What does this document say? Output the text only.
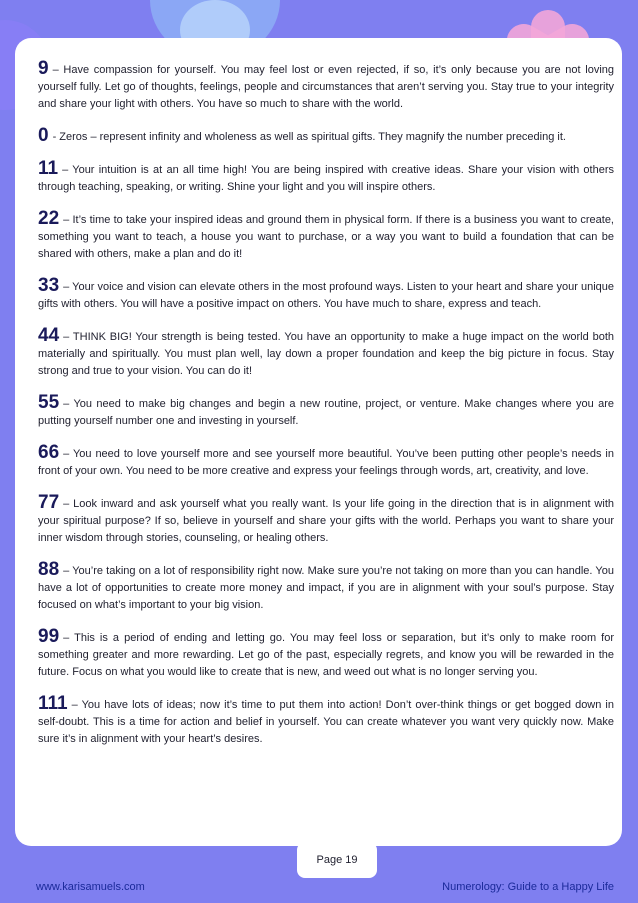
9 – Have compassion for yourself. You may feel lost or even rejected, if so, it’s only because you are not loving yourself fully. Let go of thoughts, feelings, people and circumstances that aren’t serving you. Stay true to your integrity and share your light with others. You have so much to share with the world.

0 - Zeros – represent infinity and wholeness as well as spiritual gifts. They magnify the number preceding it.

11 – Your intuition is at an all time high! You are being inspired with creative ideas. Share your vision with others through teaching, speaking, or writing. Shine your light and you will inspire others.

22 – It’s time to take your inspired ideas and ground them in physical form. If there is a business you want to create, something you want to teach, a house you want to purchase, or a way you want to build a foundation that can be shared with others, make a plan and do it!

33 – Your voice and vision can elevate others in the most profound ways. Listen to your heart and share your unique gifts with others. You will have a positive impact on others. You have much to share, express and teach.

44 – THINK BIG! Your strength is being tested. You have an opportunity to make a huge impact on the world both materially and spiritually. You must plan well, lay down a proper foundation and keep the big picture in focus. Stay strong and true to your vision. You can do it!

55 – You need to make big changes and begin a new routine, project, or venture. Make changes where you are putting yourself number one and investing in yourself.

66 – You need to love yourself more and see yourself more beautiful. You’ve been putting other people’s needs in front of your own. You need to be more creative and express your feelings through words, art, creativity, and love.

77 – Look inward and ask yourself what you really want. Is your life going in the direction that is in alignment with your spiritual purpose? If so, believe in yourself and share your gifts with the world. Perhaps you want to share your inner wisdom through stories, counseling, or healing others.

88 – You’re taking on a lot of responsibility right now. Make sure you’re not taking on more than you can handle. You have a lot of opportunities to create more money and impact, if you are in alignment with your soul’s purpose. Stay focused on what’s important to your big vision.

99 – This is a period of ending and letting go. You may feel loss or separation, but it’s only to make room for something greater and more rewarding. Let go of the past, especially regrets, and know you will be rewarded in the future. Focus on what you would like to create that is new, and weed out what is no longer serving you.

111 – You have lots of ideas; now it’s time to put them into action! Don’t over-think things or get bogged down in self-doubt. This is a time for action and belief in yourself. You can create whatever you want very quickly now. Make sure it’s in alignment with your heart’s desires.

Page 19
www.karisamuels.com	Numerology: Guide to a Happy Life
